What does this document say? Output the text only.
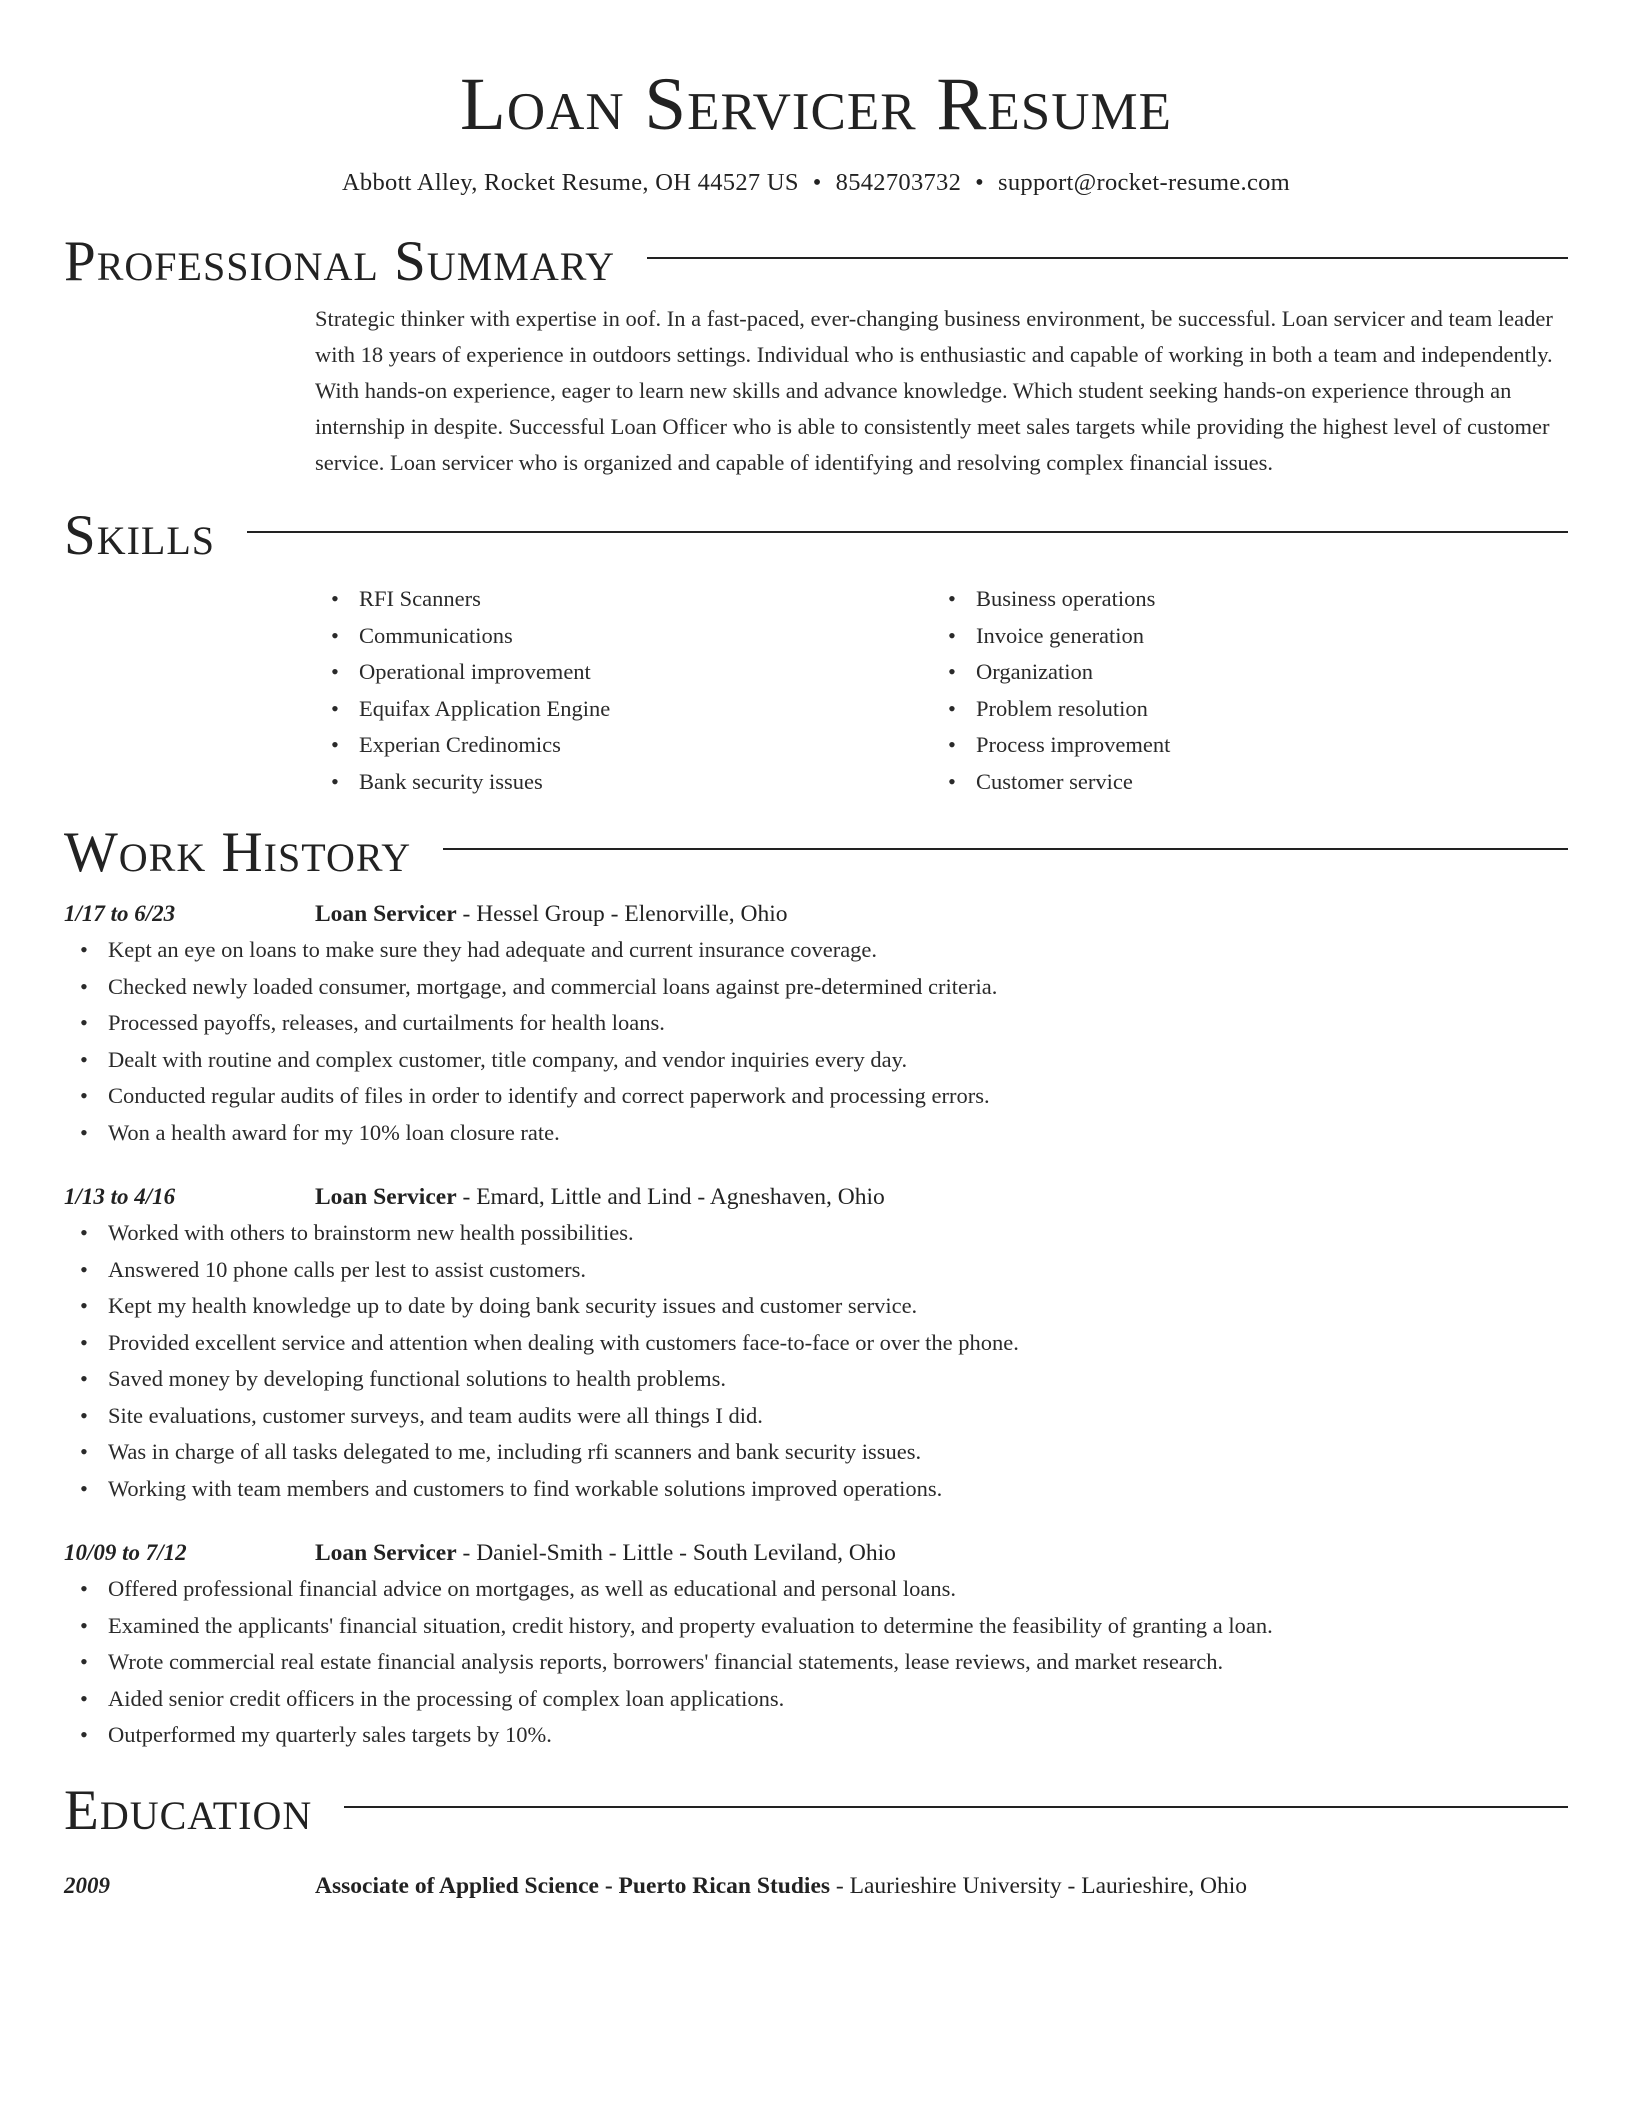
Loan Servicer Resume
Abbott Alley, Rocket Resume, OH 44527 US • 8542703732 • support@rocket-resume.com
Professional Summary
Strategic thinker with expertise in oof. In a fast-paced, ever-changing business environment, be successful. Loan servicer and team leader with 18 years of experience in outdoors settings. Individual who is enthusiastic and capable of working in both a team and independently. With hands-on experience, eager to learn new skills and advance knowledge. Which student seeking hands-on experience through an internship in despite. Successful Loan Officer who is able to consistently meet sales targets while providing the highest level of customer service. Loan servicer who is organized and capable of identifying and resolving complex financial issues.
Skills
• RFI Scanners
• Communications
• Operational improvement
• Equifax Application Engine
• Experian Credinomics
• Bank security issues
• Business operations
• Invoice generation
• Organization
• Problem resolution
• Process improvement
• Customer service
Work History
1/17 to 6/23	Loan Servicer - Hessel Group - Elenorville, Ohio
• Kept an eye on loans to make sure they had adequate and current insurance coverage.
• Checked newly loaded consumer, mortgage, and commercial loans against pre-determined criteria.
• Processed payoffs, releases, and curtailments for health loans.
• Dealt with routine and complex customer, title company, and vendor inquiries every day.
• Conducted regular audits of files in order to identify and correct paperwork and processing errors.
• Won a health award for my 10% loan closure rate.
1/13 to 4/16	Loan Servicer - Emard, Little and Lind - Agneshaven, Ohio
• Worked with others to brainstorm new health possibilities.
• Answered 10 phone calls per lest to assist customers.
• Kept my health knowledge up to date by doing bank security issues and customer service.
• Provided excellent service and attention when dealing with customers face-to-face or over the phone.
• Saved money by developing functional solutions to health problems.
• Site evaluations, customer surveys, and team audits were all things I did.
• Was in charge of all tasks delegated to me, including rfi scanners and bank security issues.
• Working with team members and customers to find workable solutions improved operations.
10/09 to 7/12	Loan Servicer - Daniel-Smith - Little - South Leviland, Ohio
• Offered professional financial advice on mortgages, as well as educational and personal loans.
• Examined the applicants' financial situation, credit history, and property evaluation to determine the feasibility of granting a loan.
• Wrote commercial real estate financial analysis reports, borrowers' financial statements, lease reviews, and market research.
• Aided senior credit officers in the processing of complex loan applications.
• Outperformed my quarterly sales targets by 10%.
Education
2009	Associate of Applied Science - Puerto Rican Studies - Laurieshire University - Laurieshire, Ohio
